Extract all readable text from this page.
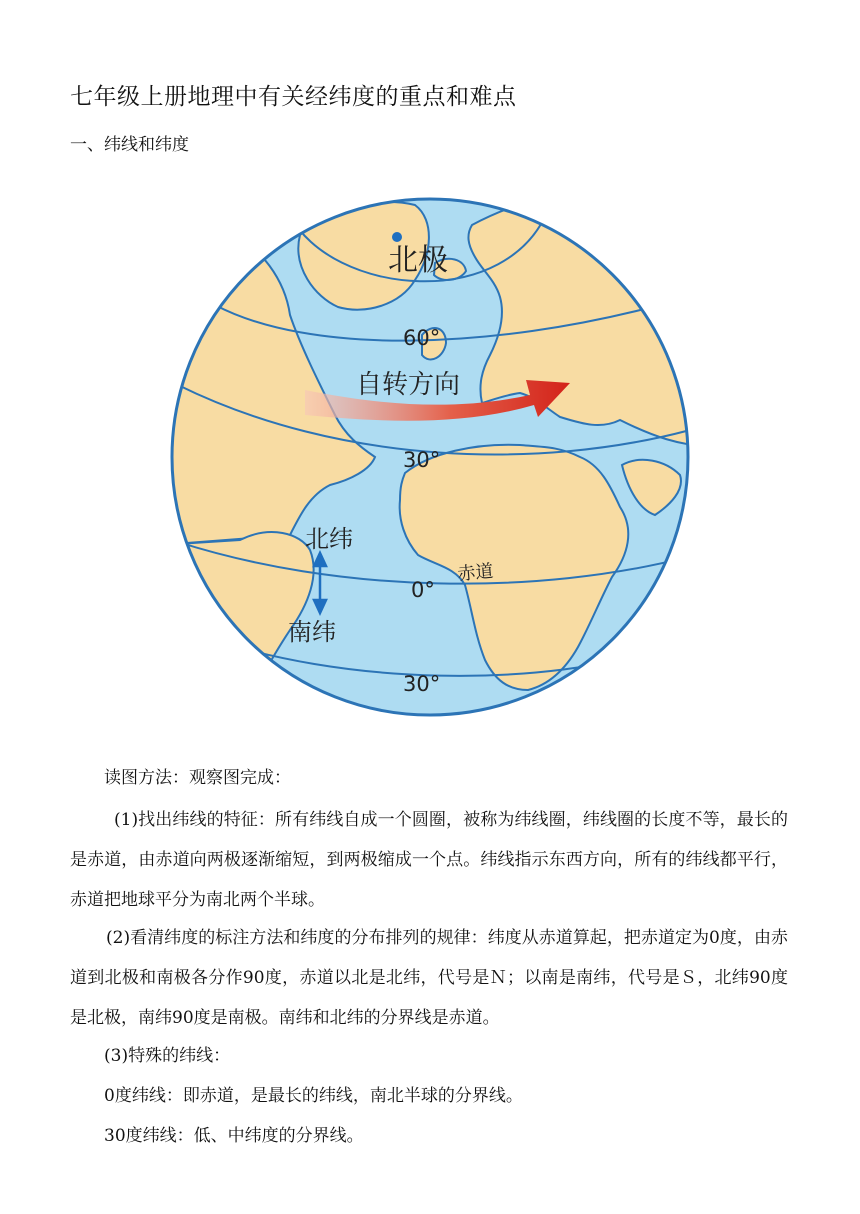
七年级上册地理中有关经纬度的重点和难点
一、纬线和纬度
北极
60°
自转方向
30°
北纬
0°
赤道
南纬
30°

读图方法：观察图完成：

(1)找出纬线的特征：所有纬线自成一个圆圈，被称为纬线圈，纬线圈的长度不等，最长的是赤道，由赤道向两极逐渐缩短，到两极缩成一个点。纬线指示东西方向，所有的纬线都平行，赤道把地球平分为南北两个半球。

(2)看清纬度的标注方法和纬度的分布排列的规律：纬度从赤道算起，把赤道定为0度，由赤道到北极和南极各分作90度，赤道以北是北纬，代号是Ｎ；以南是南纬，代号是Ｓ，北纬90度是北极，南纬90度是南极。南纬和北纬的分界线是赤道。

(3)特殊的纬线：

0度纬线：即赤道，是最长的纬线，南北半球的分界线。

30度纬线：低、中纬度的分界线。
